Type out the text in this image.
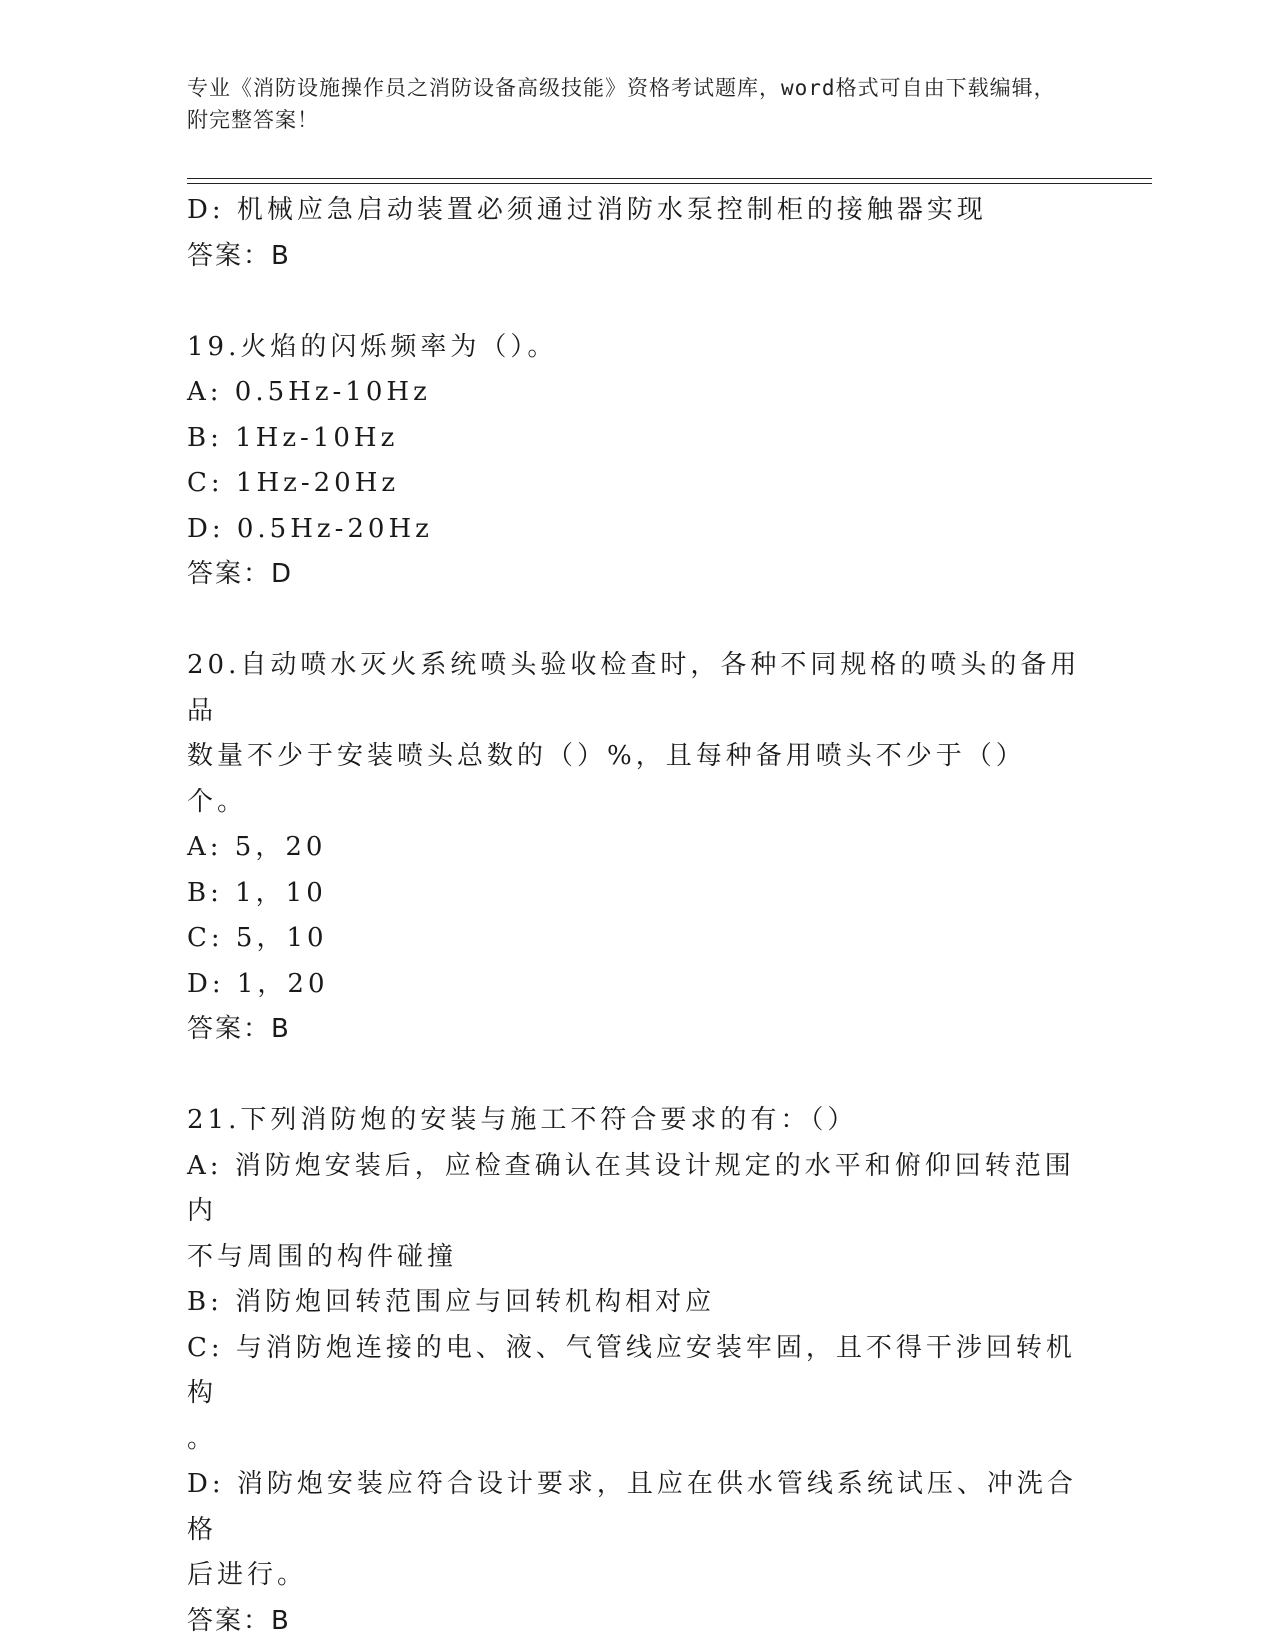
专业《消防设施操作员之消防设备高级技能》资格考试题库，word格式可自由下载编辑，附完整答案！

D: 机械应急启动装置必须通过消防水泵控制柜的接触器实现

答案：B

19.火焰的闪烁频率为（）。

A: 0.5Hz-10Hz

B: 1Hz-10Hz

C: 1Hz-20Hz

D: 0.5Hz-20Hz

答案：D

20.自动喷水灭火系统喷头验收检查时，各种不同规格的喷头的备用品

数量不少于安装喷头总数的（）%，且每种备用喷头不少于（）个。

A: 5，20

B: 1，10

C: 5，10

D: 1，20

答案：B

21.下列消防炮的安装与施工不符合要求的有：（）

A: 消防炮安装后，应检查确认在其设计规定的水平和俯仰回转范围内

不与周围的构件碰撞

B: 消防炮回转范围应与回转机构相对应

C: 与消防炮连接的电、液、气管线应安装牢固，且不得干涉回转机构

。

D: 消防炮安装应符合设计要求，且应在供水管线系统试压、冲洗合格

后进行。

答案：B
